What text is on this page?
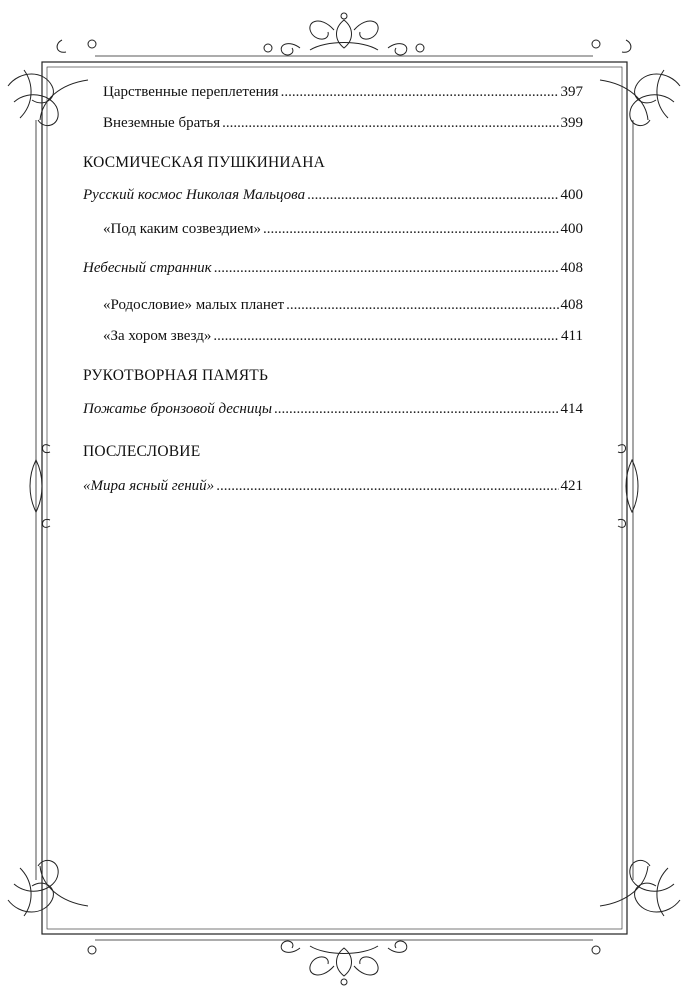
Царственные переплетения .....	397
Внеземные братья .....	399
КОСМИЧЕСКАЯ ПУШКИНИАНА
Русский космос Николая Мальцова .....	400
«Под каким созвездием» .....	400
Небесный странник .....	408
«Родословие» малых планет .....	408
«За хором звезд» .....	411
РУКОТВОРНАЯ ПАМЯТЬ
Пожатье бронзовой десницы .....	414
ПОСЛЕСЛОВИЕ
«Мира ясный гений» .....	421
